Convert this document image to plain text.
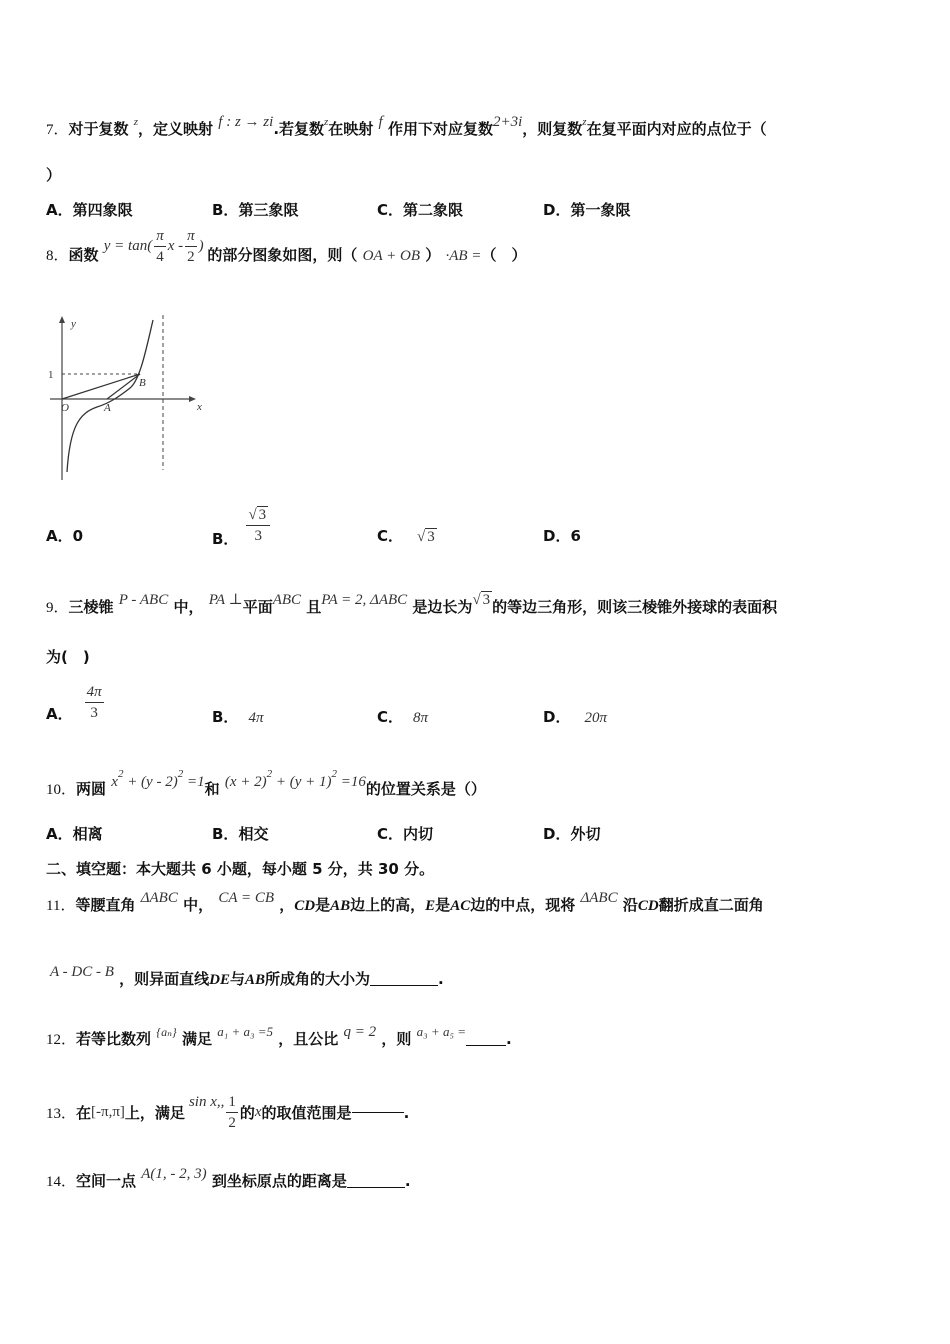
7．对于复数 $^z$，定义映射 f : z → zi.若复数$^z$在映射 f 作用下对应复数2+3i，则复数$^z$在复平面内对应的点位于（
）
A．第四象限	B．第三象限	C．第二象限	D．第一象限
8．函数 $y = \tan( \frac{\pi}{4}$ x - $\frac{\pi}{2}$ ) 的部分图象如图，则（ OA + OB ） ·AB =（　）
y
x
1
O	A
B
A．0	B． $\frac{√ 3}{3}$	C． √ 3	D．6
9．三棱锥 P - ABC 中， PA ⊥平面ABC 且PA = 2, ΔABC 是边长为√ 3 的等边三角形，则该三棱锥外接球的表面积
为(　)
A． $\frac{4\pi}{3}$	B． 4π	C． 8π	D． 20π
10．两圆 $x^2 + (y - 2)^2 =1$和 $(x + 2)^2 + (y + 1)^2 =16$的位置关系是（）
A．相离	B．相交	C．内切	D．外切
二、填空题：本大题共 6 小题，每小题 5 分，共 30 分。
11．等腰直角 ΔABC 中， CA = CB ，CD是AB边上的高，E是AC边的中点，现将 ΔABC 沿CD翻折成直二面角
A - DC - B ，则异面直线DE与AB所成角的大小为	.
12．若等比数列 $^{\{a_n\}}$ 满足 a₁ + a₃ =5 ，且公比 q = 2 ，则 a₃ + a₅ =	.
13． 在 [-π,π] 上，满足
sin x,, $\frac{1}{2}$ 的 x 的取值范围是	.
14．空间一点 A(1, - 2, 3) 到坐标原点的距离是	.
